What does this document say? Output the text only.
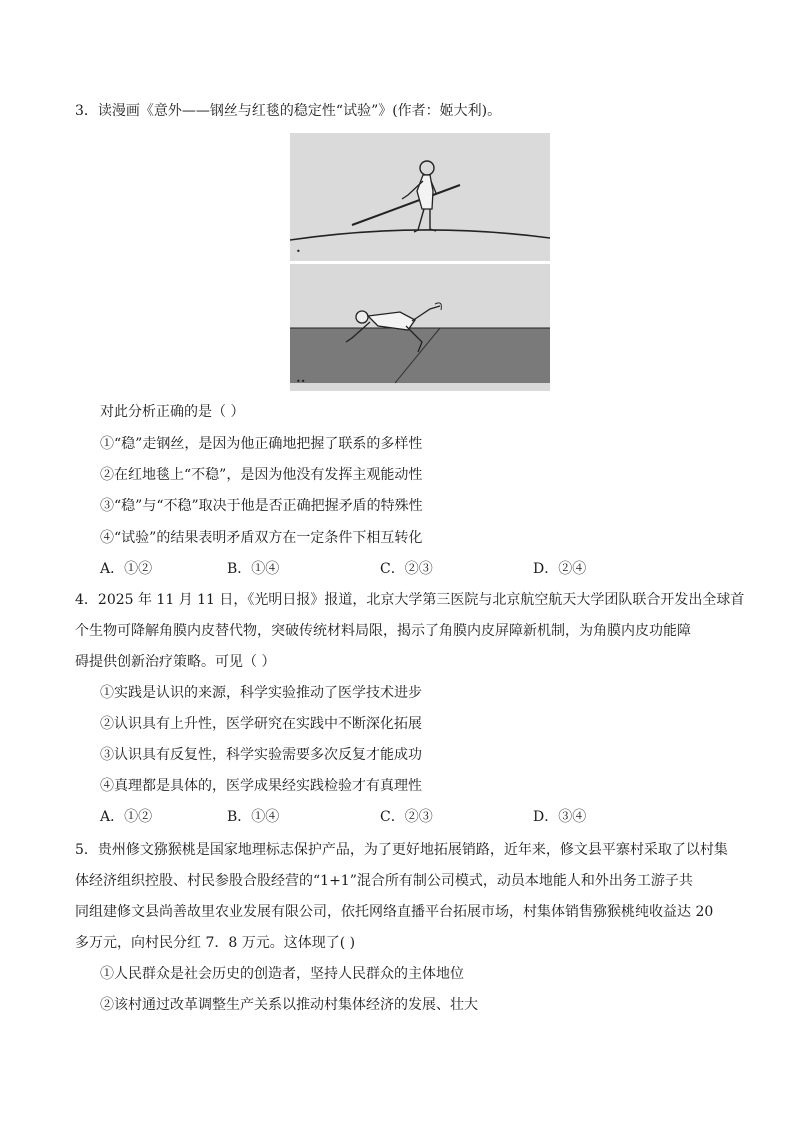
3．读漫画《意外——钢丝与红毯的稳定性“试验”》(作者：姬大利)。
•
••
对此分析正确的是（ ）
①“稳”走钢丝，是因为他正确地把握了联系的多样性
②在红地毯上“不稳”，是因为他没有发挥主观能动性
③“稳”与“不稳”取决于他是否正确把握矛盾的特殊性
④“试验”的结果表明矛盾双方在一定条件下相互转化
A．①②	B．①④	C．②③	D．②④
4．2025 年 11 月 11 日，《光明日报》报道，北京大学第三医院与北京航空航天大学团队联合开发出全球首
个生物可降解角膜内皮替代物，突破传统材料局限，揭示了角膜内皮屏障新机制，为角膜内皮功能障
碍提供创新治疗策略。可见（ ）
①实践是认识的来源，科学实验推动了医学技术进步
②认识具有上升性，医学研究在实践中不断深化拓展
③认识具有反复性，科学实验需要多次反复才能成功
④真理都是具体的，医学成果经实践检验才有真理性
A．①②	B．①④	C．②③	D．③④
5．贵州修文猕猴桃是国家地理标志保护产品，为了更好地拓展销路，近年来，修文县平寨村采取了以村集
体经济组织控股、村民参股合股经营的“1+1”混合所有制公司模式，动员本地能人和外出务工游子共
同组建修文县尚善故里农业发展有限公司，依托网络直播平台拓展市场，村集体销售猕猴桃纯收益达 20
多万元，向村民分红 7．8 万元。这体现了( )
①人民群众是社会历史的创造者，坚持人民群众的主体地位
②该村通过改革调整生产关系以推动村集体经济的发展、壮大
